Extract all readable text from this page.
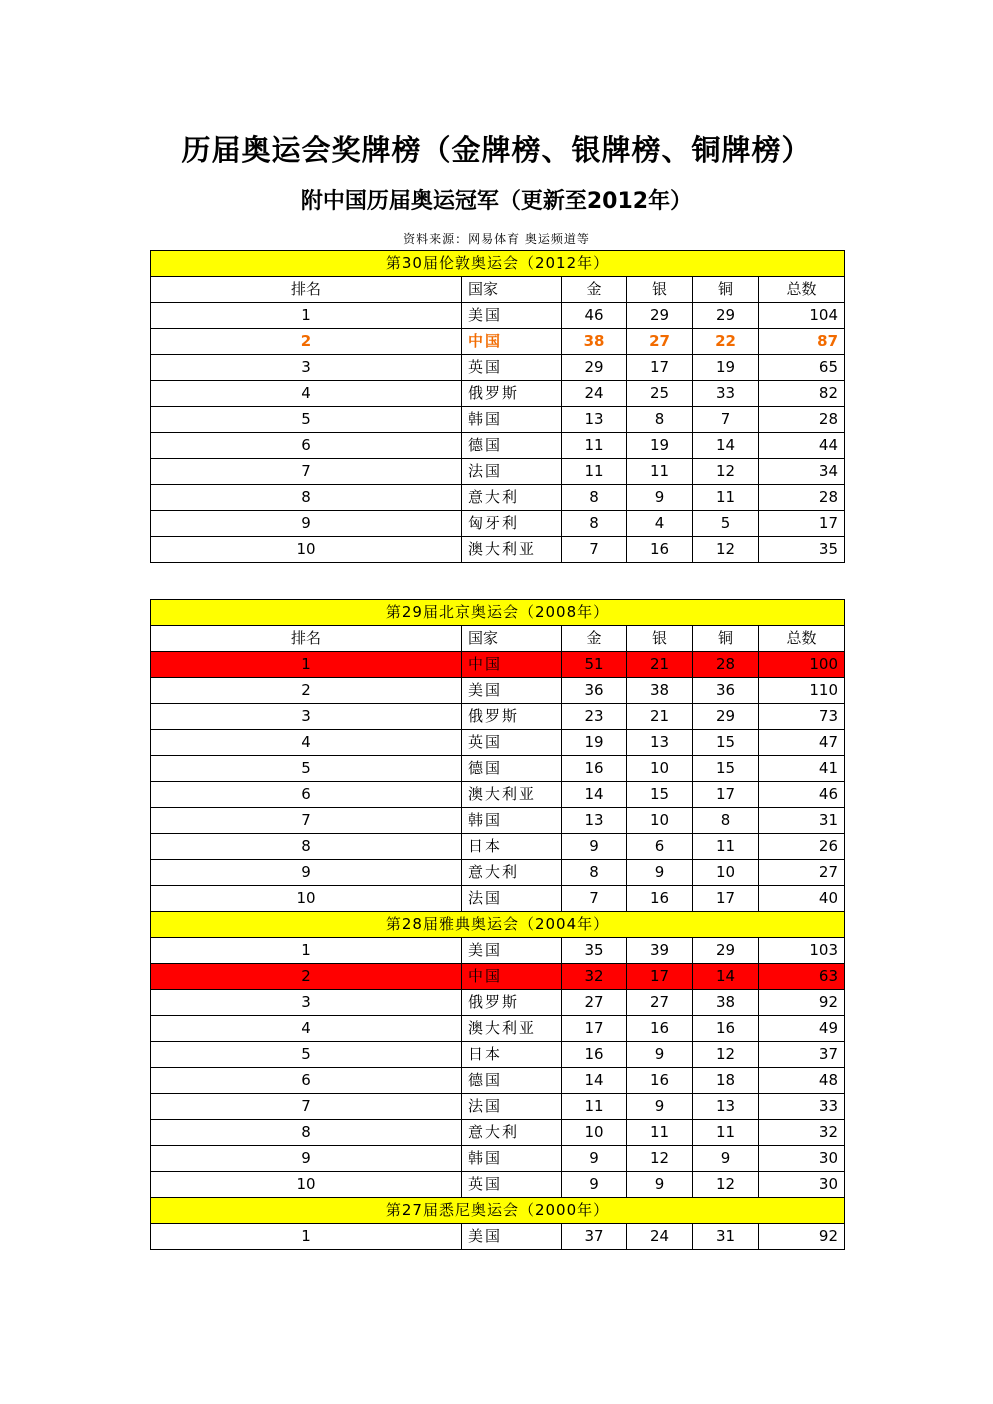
历届奥运会奖牌榜（金牌榜、银牌榜、铜牌榜）
附中国历届奥运冠军（更新至2012年）
资料来源：网易体育 奥运频道等
第30届伦敦奥运会（2012年）					
排名	国家	金	银	铜	总数
1	美国	46	29	29	104
2	中国	38	27	22	87
3	英国	29	17	19	65
4	俄罗斯	24	25	33	82
5	韩国	13	8	7	28
6	德国	11	19	14	44
7	法国	11	11	12	34
8	意大利	8	9	11	28
9	匈牙利	8	4	5	17
10	澳大利亚	7	16	12	35
第29届北京奥运会（2008年）					
排名	国家	金	银	铜	总数
1	中国	51	21	28	100
2	美国	36	38	36	110
3	俄罗斯	23	21	29	73
4	英国	19	13	15	47
5	德国	16	10	15	41
6	澳大利亚	14	15	17	46
7	韩国	13	10	8	31
8	日本	9	6	11	26
9	意大利	8	9	10	27
10	法国	7	16	17	40
第28届雅典奥运会（2004年）					
1	美国	35	39	29	103
2	中国	32	17	14	63
3	俄罗斯	27	27	38	92
4	澳大利亚	17	16	16	49
5	日本	16	9	12	37
6	德国	14	16	18	48
7	法国	11	9	13	33
8	意大利	10	11	11	32
9	韩国	9	12	9	30
10	英国	9	9	12	30
第27届悉尼奥运会（2000年）					
1	美国	37	24	31	92
